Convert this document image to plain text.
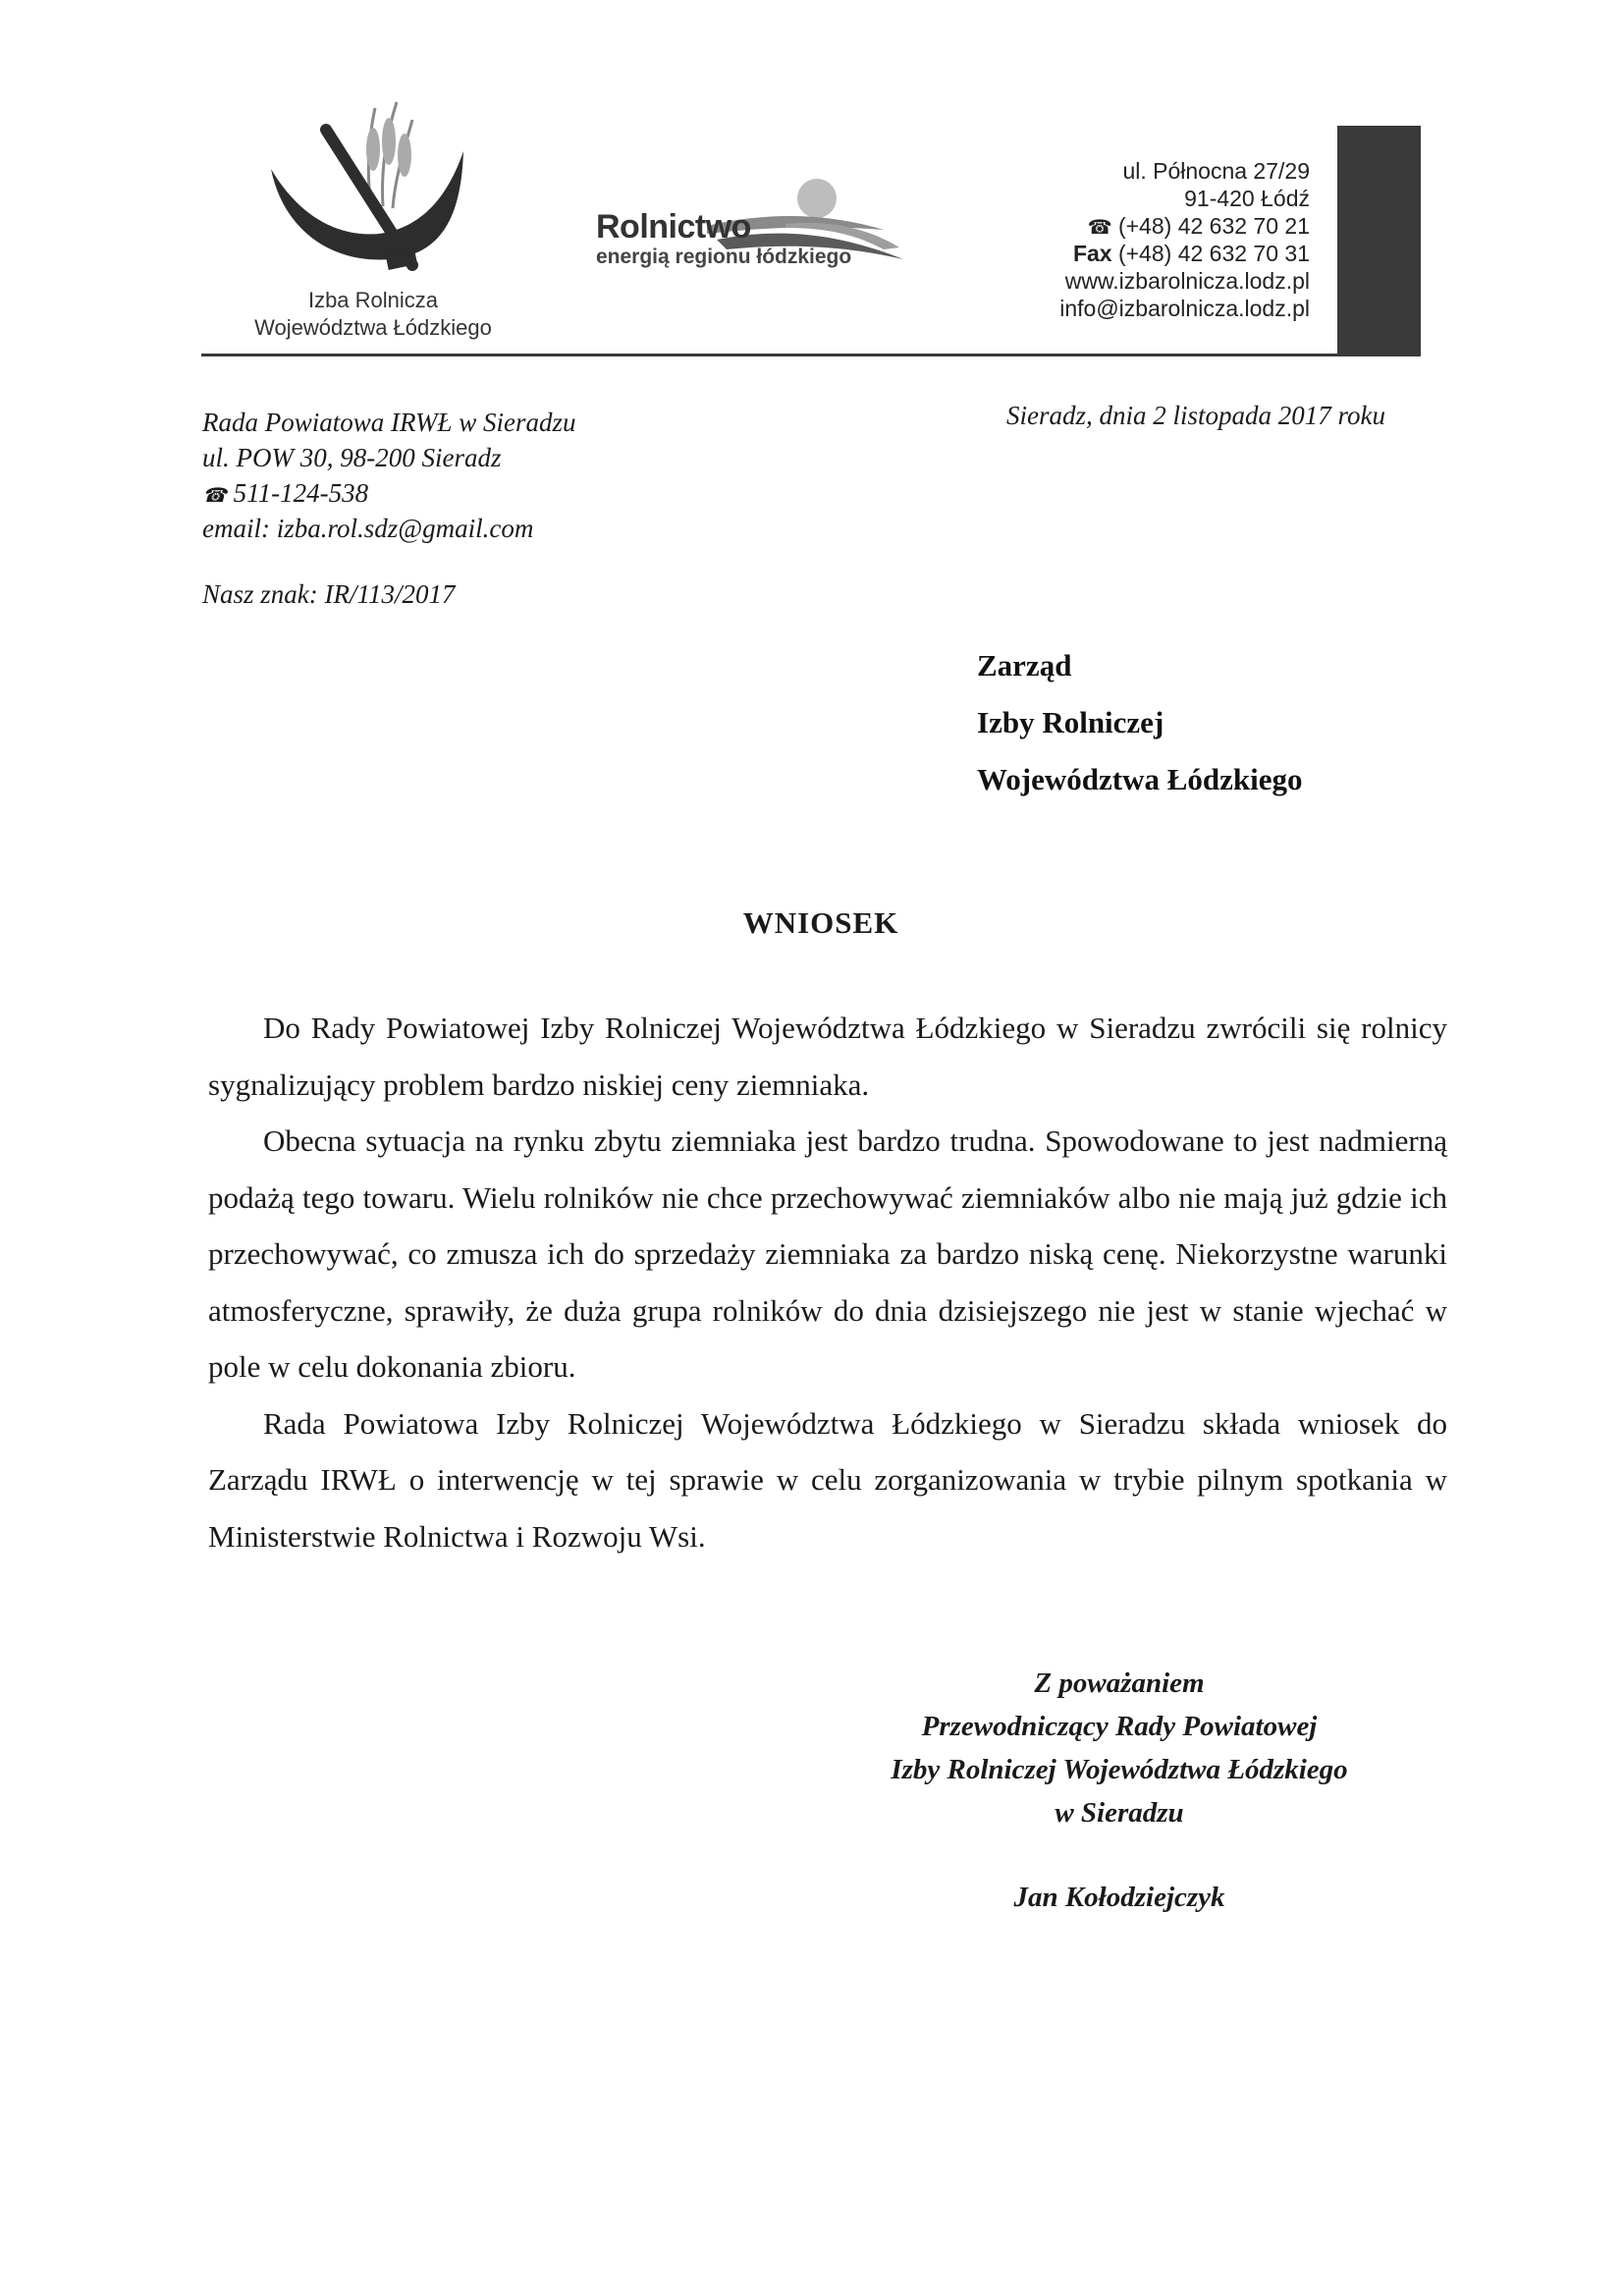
Izba Rolnicza
Województwa Łódzkiego
Rolnictwo
energią regionu łódzkiego
ul. Północna 27/29
91-420 Łódź
☎ (+48) 42 632 70 21
Fax (+48) 42 632 70 31
www.izbarolnicza.lodz.pl
info@izbarolnicza.lodz.pl
Rada Powiatowa IRWŁ w Sieradzu
ul. POW 30, 98-200 Sieradz
☎ 511-124-538
email: izba.rol.sdz@gmail.com
Nasz znak: IR/113/2017
Sieradz, dnia 2 listopada 2017 roku
Zarząd
Izby Rolniczej
Województwa Łódzkiego
WNIOSEK

Do Rady Powiatowej Izby Rolniczej Województwa Łódzkiego w Sieradzu zwrócili się rolnicy sygnalizujący problem bardzo niskiej ceny ziemniaka.

Obecna sytuacja na rynku zbytu ziemniaka jest bardzo trudna. Spowodowane to jest nadmierną podażą tego towaru. Wielu rolników nie chce przechowywać ziemniaków albo nie mają już gdzie ich przechowywać, co zmusza ich do sprzedaży ziemniaka za bardzo niską cenę. Niekorzystne warunki atmosferyczne, sprawiły, że duża grupa rolników do dnia dzisiejszego nie jest w stanie wjechać w pole w celu dokonania zbioru.

Rada Powiatowa Izby Rolniczej Województwa Łódzkiego w Sieradzu składa wniosek do Zarządu IRWŁ o interwencję w tej sprawie w celu zorganizowania w trybie pilnym spotkania w Ministerstwie Rolnictwa i Rozwoju Wsi.

Z poważaniem
Przewodniczący Rady Powiatowej
Izby Rolniczej Województwa Łódzkiego
w Sieradzu
Jan Kołodziejczyk
